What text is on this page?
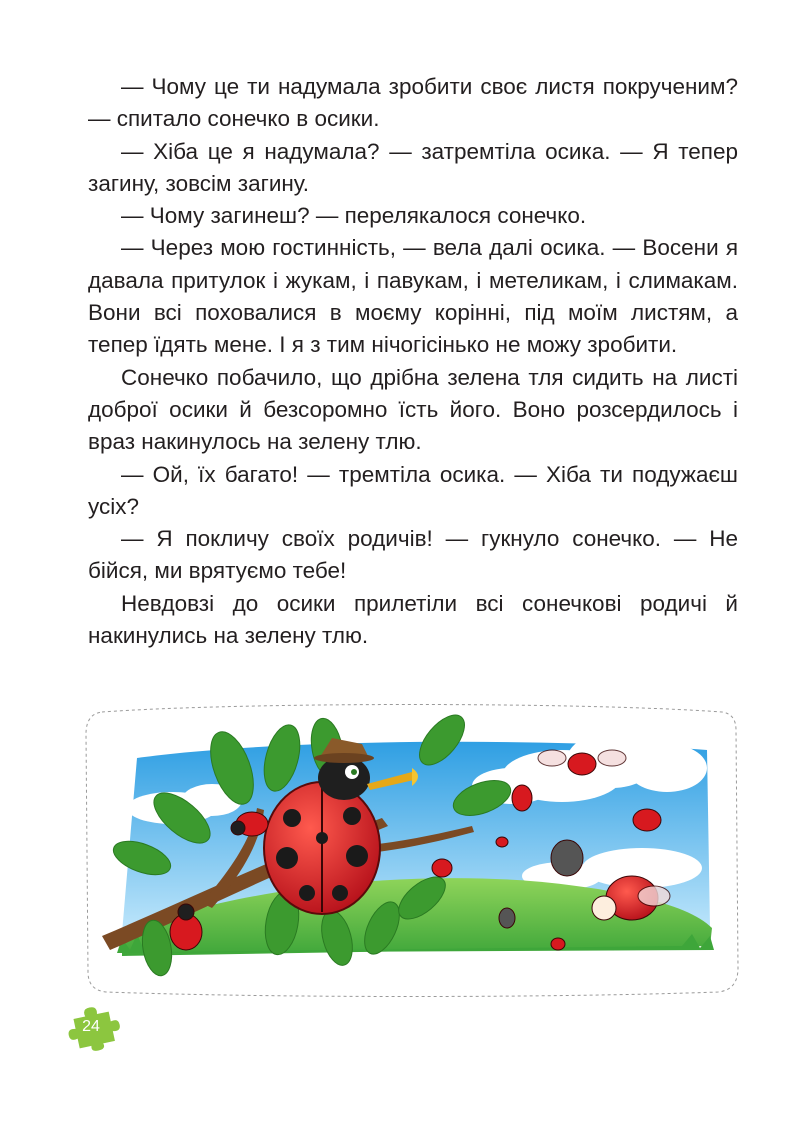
— Чому це ти надумала зробити своє листя покрученим?— спитало сонечко в осики.

— Хіба це я надумала? — затремтіла осика. — Я тепер загину, зовсім загину.

— Чому загинеш? — перелякалося сонечко.

— Через мою гостинність, — вела далі осика. — Восени я давала притулок і жукам, і павукам, і метеликам, і слимакам. Вони всі поховалися в моєму корінні, під моїм листям, а тепер їдять мене. І я з тим нічогісінько не можу зробити.

Сонечко побачило, що дрібна зелена тля сидить на листі доброї осики й безсоромно їсть його. Воно розсердилось і враз накинулось на зелену тлю.

— Ой, їх багато! — тремтіла осика. — Хіба ти подужаєш усіх?

— Я покличу своїх родичів! — гукнуло сонечко. — Не бійся, ми врятуємо тебе!

Невдовзі до осики прилетіли всі сонечкові родичі й накинулись на зелену тлю.

24
